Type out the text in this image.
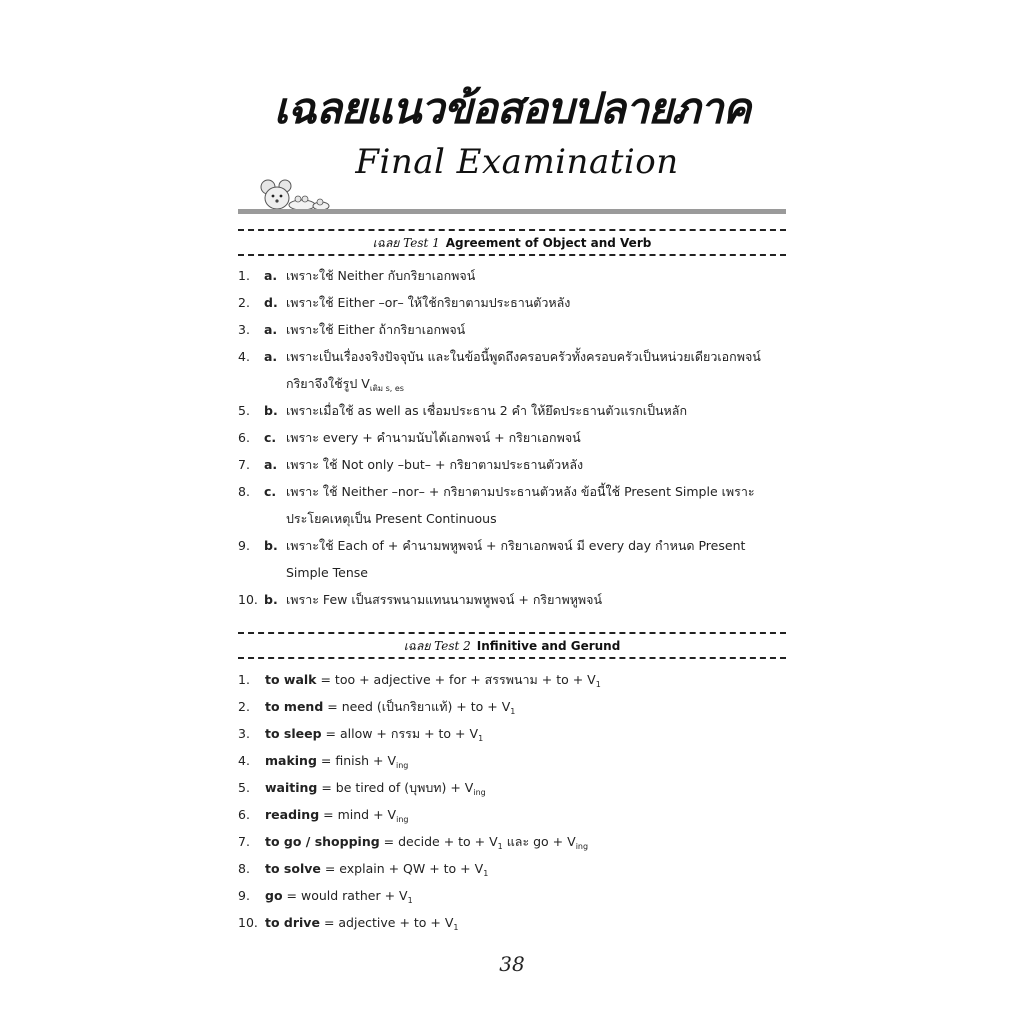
เฉลยแนวข้อสอบปลายภาค
Final Examination
เฉลย Test 1 Agreement of Object and Verb
1. a. เพราะใช้ Neither กับกริยาเอกพจน์
2. d. เพราะใช้ Either –or– ให้ใช้กริยาตามประธานตัวหลัง
3. a. เพราะใช้ Either ถ้ากริยาเอกพจน์
4. a. เพราะเป็นเรื่องจริงปัจจุบัน และในข้อนี้พูดถึงครอบครัวทั้งครอบครัวเป็นหน่วยเดียวเอกพจน์
กริยาจึงใช้รูป $V_{เติม s, es}$
5. b. เพราะเมื่อใช้ as well as เชื่อมประธาน 2 คำ ให้ยึดประธานตัวแรกเป็นหลัก
6. c. เพราะ every + คำนามนับได้เอกพจน์ + กริยาเอกพจน์
7. a. เพราะ ใช้ Not only –but– + กริยาตามประธานตัวหลัง
8. c. เพราะ ใช้ Neither –nor– + กริยาตามประธานตัวหลัง ข้อนี้ใช้ Present Simple เพราะ
ประโยคเหตุเป็น Present Continuous
9. b. เพราะใช้ Each of + คำนามพหูพจน์ + กริยาเอกพจน์ มี every day กำหนด Present
Simple Tense
10. b. เพราะ Few เป็นสรรพนามแทนนามพหูพจน์ + กริยาพหูพจน์
เฉลย Test 2 Infinitive and Gerund
1. to walk = too + adjective + for + สรรพนาม + to + $V_1$
2. to mend = need (เป็นกริยาแท้) + to + $V_1$
3. to sleep = allow + กรรม + to + $V_1$
4. making = finish + $V_{ing}$
5. waiting = be tired of (บุพบท) + $V_{ing}$
6. reading = $\min d + V_{ing}$
7. to go / shopping = decide + to + $V_1$ และ go + $V_{ing}$
8. to solve = explain + QW + to + $V_1$
9. go = would rather + $V_1$
10. to drive = adjective + to + $V_1$
38
